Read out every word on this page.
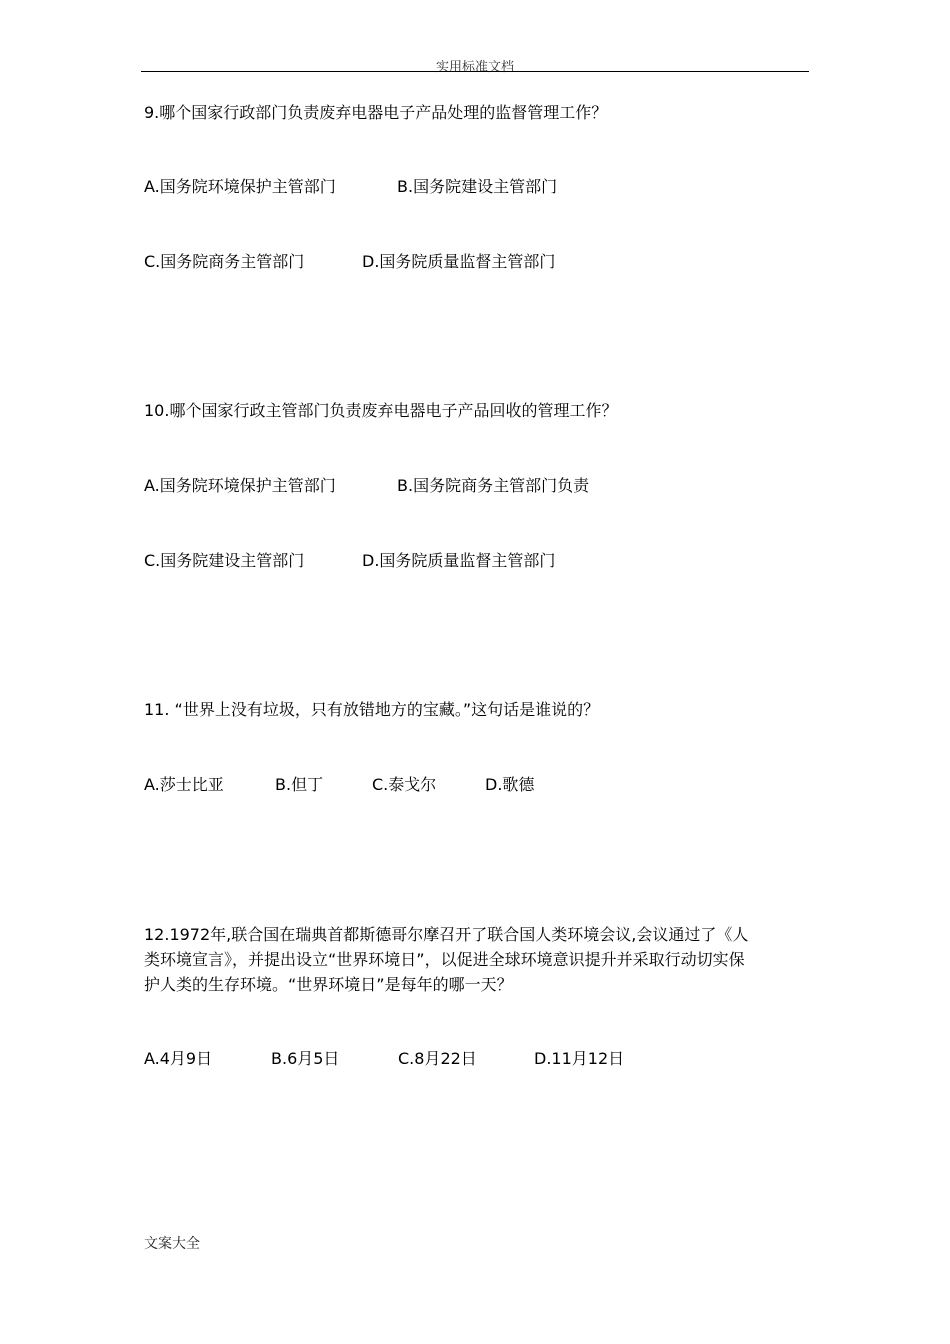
实用标准文档
9.哪个国家行政部门负责废弃电器电子产品处理的监督管理工作？
A.国务院环境保护主管部门	B.国务院建设主管部门
C.国务院商务主管部门	D.国务院质量监督主管部门
10.哪个国家行政主管部门负责废弃电器电子产品回收的管理工作？
A.国务院环境保护主管部门	B.国务院商务主管部门负责
C.国务院建设主管部门	D.国务院质量监督主管部门
11. “世界上没有垃圾，只有放错地方的宝藏。”这句话是谁说的？
A.莎士比亚	B.但丁	C.泰戈尔	D.歌德
12.1972年,联合国在瑞典首都斯德哥尔摩召开了联合国人类环境会议,会议通过了《人
类环境宣言》，并提出设立“世界环境日”，以促进全球环境意识提升并采取行动切实保
护人类的生存环境。“世界环境日”是每年的哪一天？
A.4月9日	B.6月5日	C.8月22日	D.11月12日
文案大全
